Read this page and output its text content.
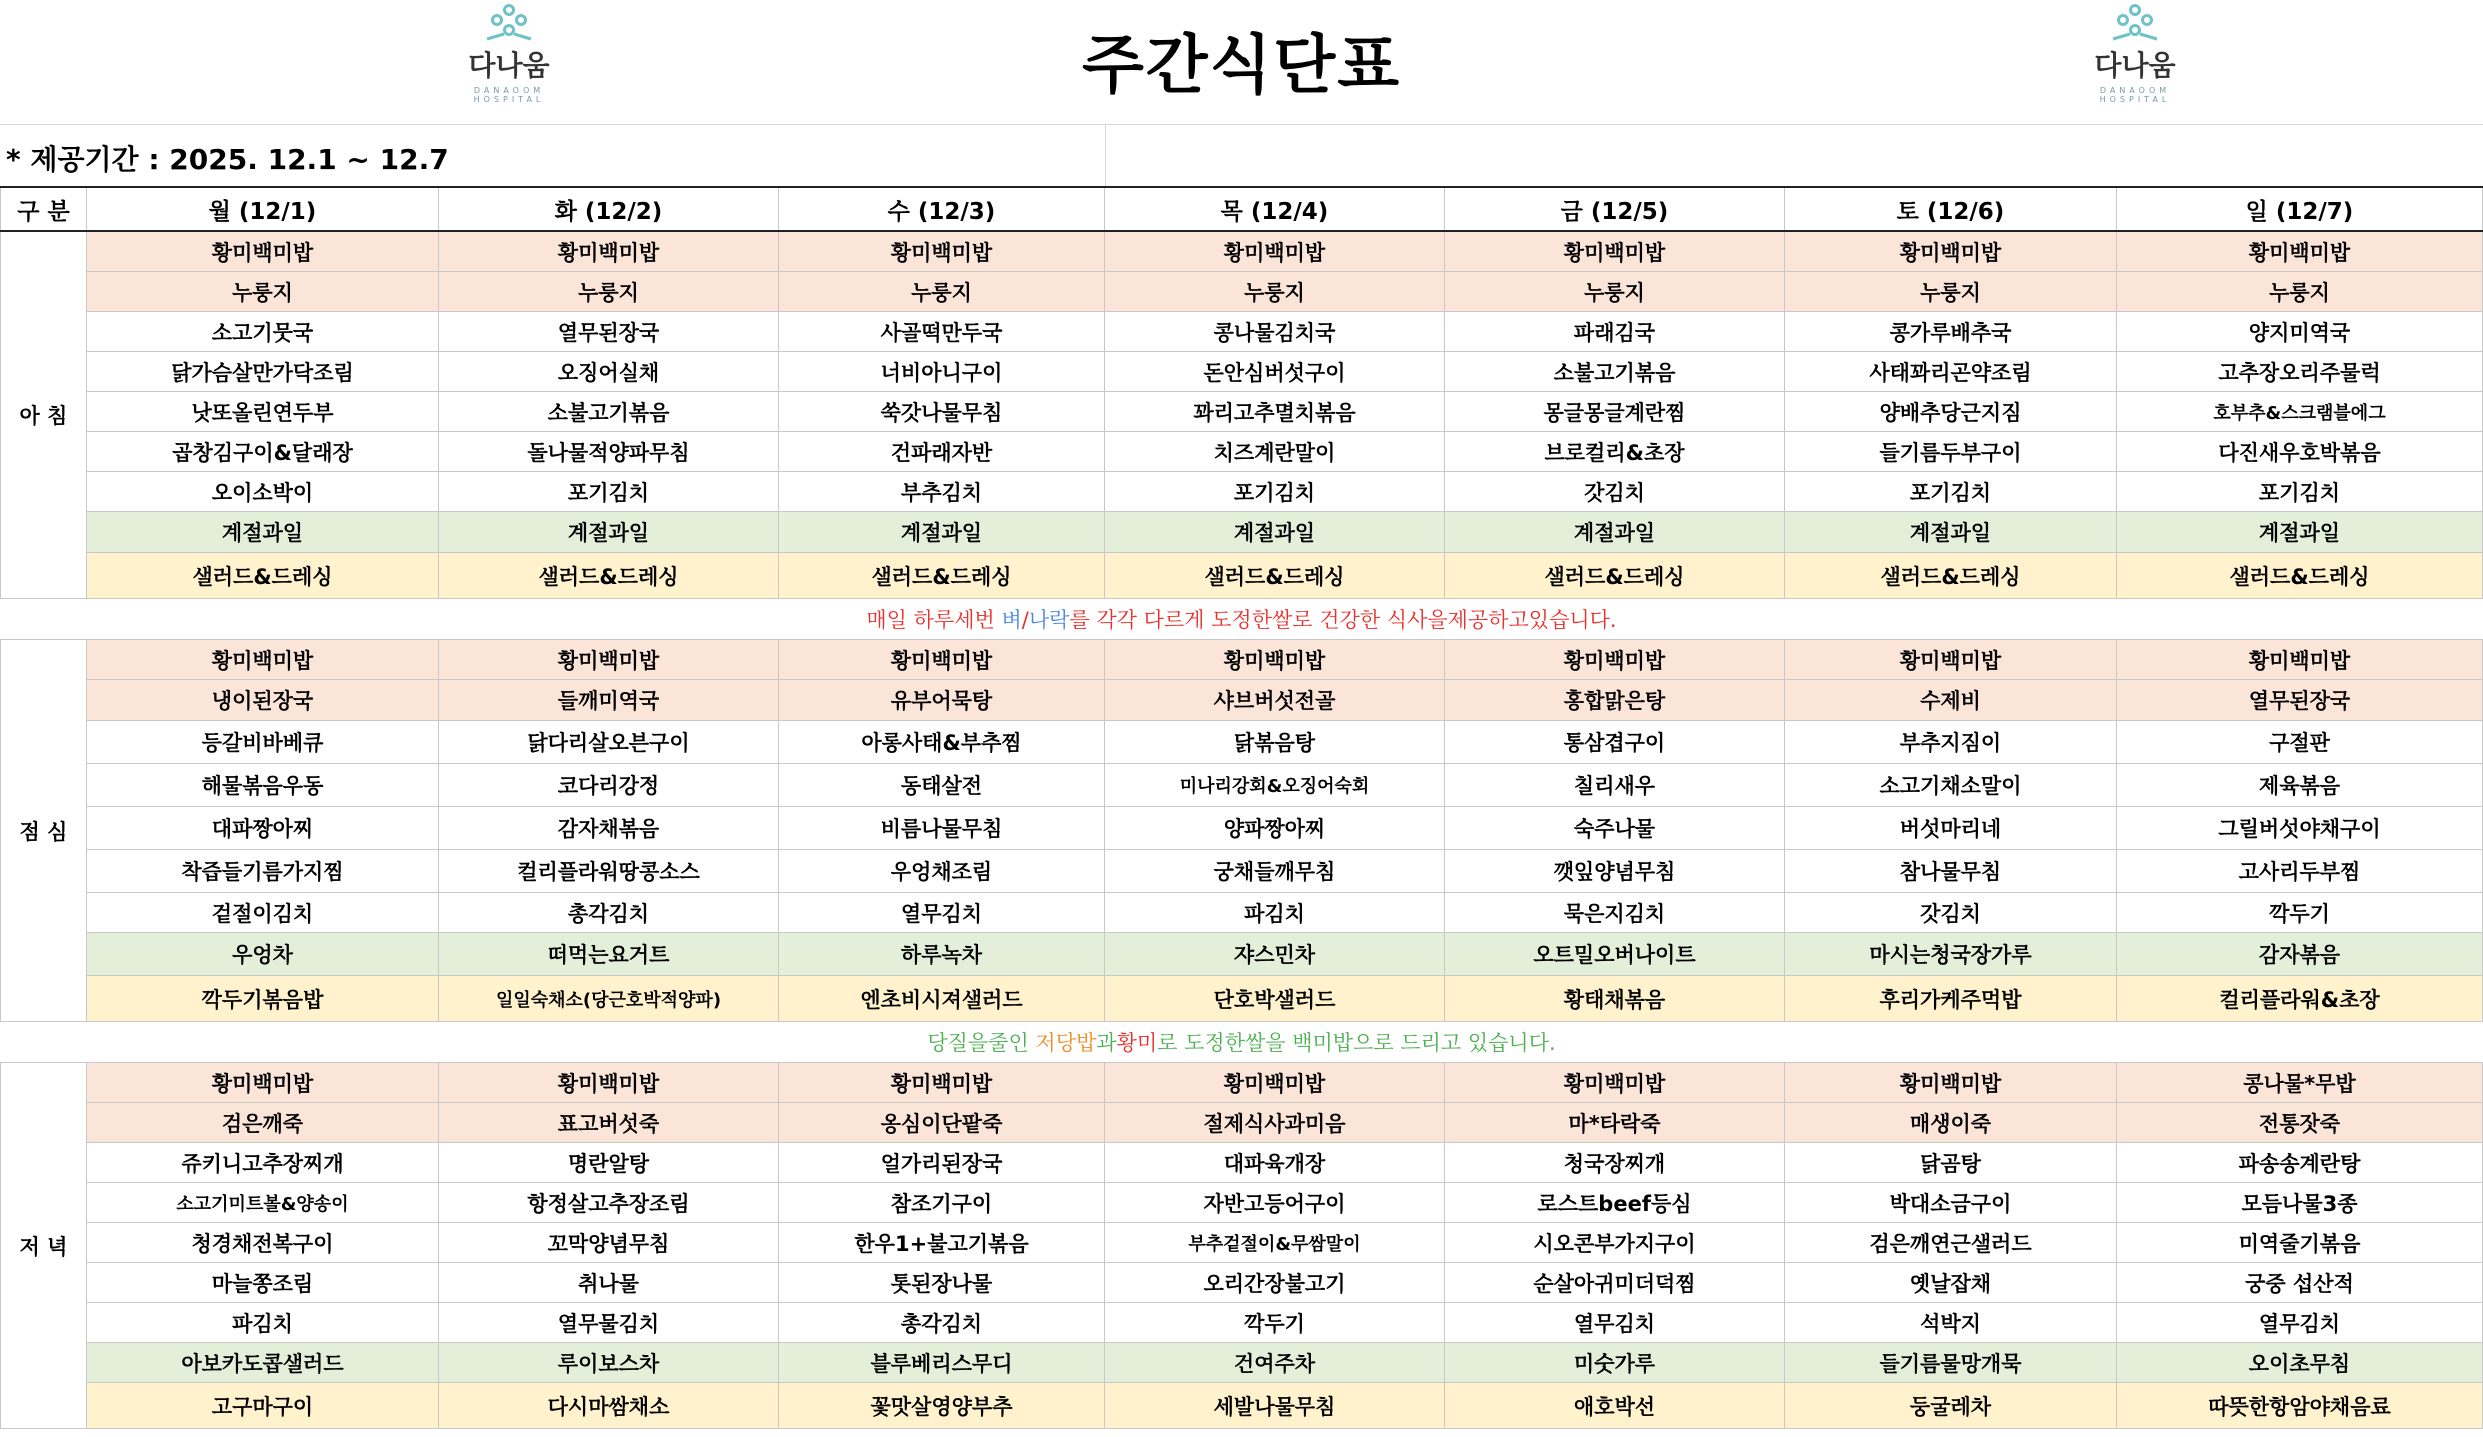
다나움
DANAOOM HOSPITAL	주간식단표	다나움
DANAOOM HOSPITAL
* 제공기간 : 2025. 12.1 ~ 12.7
구 분	월 (12/1)	화 (12/2)	수 (12/3)	목 (12/4)	금 (12/5)	토 (12/6)	일 (12/7)
아 침	황미백미밥	황미백미밥	황미백미밥	황미백미밥	황미백미밥	황미백미밥	황미백미밥
	누룽지	누룽지	누룽지	누룽지	누룽지	누룽지	누룽지
	소고기뭇국	열무된장국	사골떡만두국	콩나물김치국	파래김국	콩가루배추국	양지미역국
	닭가슴살만가닥조림	오징어실채	너비아니구이	돈안심버섯구이	소불고기볶음	사태꽈리곤약조림	고추장오리주물럭
	낫또올린연두부	소불고기볶음	쑥갓나물무침	꽈리고추멸치볶음	몽글몽글계란찜	양배추당근지짐	호부추&스크램블에그
	곱창김구이&달래장	돌나물적양파무침	건파래자반	치즈계란말이	브로컬리&초장	들기름두부구이	다진새우호박볶음
	오이소박이	포기김치	부추김치	포기김치	갓김치	포기김치	포기김치
	계절과일	계절과일	계절과일	계절과일	계절과일	계절과일	계절과일
	샐러드&드레싱	샐러드&드레싱	샐러드&드레싱	샐러드&드레싱	샐러드&드레싱	샐러드&드레싱	샐러드&드레싱
매일 하루세번 벼/나락를 각각 다르게 도정한쌀로 건강한 식사을제공하고있습니다.							
점 심	황미백미밥	황미백미밥	황미백미밥	황미백미밥	황미백미밥	황미백미밥	황미백미밥
	냉이된장국	들깨미역국	유부어묵탕	샤브버섯전골	홍합맑은탕	수제비	열무된장국
	등갈비바베큐	닭다리살오븐구이	아롱사태&부추찜	닭볶음탕	통삼겹구이	부추지짐이	구절판
	해물볶음우동	코다리강정	동태살전	미나리강회&오징어숙회	칠리새우	소고기채소말이	제육볶음
	대파짱아찌	감자채볶음	비름나물무침	양파짱아찌	숙주나물	버섯마리네	그릴버섯야채구이
	착즙들기름가지찜	컬리플라워땅콩소스	우엉채조림	궁채들깨무침	깻잎양념무침	참나물무침	고사리두부찜
	겉절이김치	총각김치	열무김치	파김치	묵은지김치	갓김치	깍두기
	우엉차	떠먹는요거트	하루녹차	쟈스민차	오트밀오버나이트	마시는청국장가루	감자볶음
	깍두기볶음밥	일일숙채소(당근호박적양파)	엔초비시져샐러드	단호박샐러드	황태채볶음	후리가케주먹밥	컬리플라워&초장
당질을줄인 저당밥과황미로 도정한쌀을 백미밥으로 드리고 있습니다.							
저 녁	황미백미밥	황미백미밥	황미백미밥	황미백미밥	황미백미밥	황미백미밥	콩나물*무밥
	검은깨죽	표고버섯죽	옹심이단팥죽	절제식사과미음	마*타락죽	매생이죽	전통잣죽
	쥬키니고추장찌개	명란알탕	얼가리된장국	대파육개장	청국장찌개	닭곰탕	파송송계란탕
	소고기미트볼&양송이	항정살고추장조림	참조기구이	자반고등어구이	로스트beef등심	박대소금구이	모듬나물3종
	청경채전복구이	꼬막양념무침	한우1+불고기볶음	부추겉절이&무쌈말이	시오콘부가지구이	검은깨연근샐러드	미역줄기볶음
	마늘쫑조림	취나물	톳된장나물	오리간장불고기	순살아귀미더덕찜	옛날잡채	궁중 섭산적
	파김치	열무물김치	총각김치	깍두기	열무김치	석박지	열무김치
	아보카도콥샐러드	루이보스차	블루베리스무디	건여주차	미숫가루	들기름물망개묵	오이초무침
	고구마구이	다시마쌈채소	꽃맛살영양부추	세발나물무침	애호박선	둥굴레차	따뜻한항암야채음료
